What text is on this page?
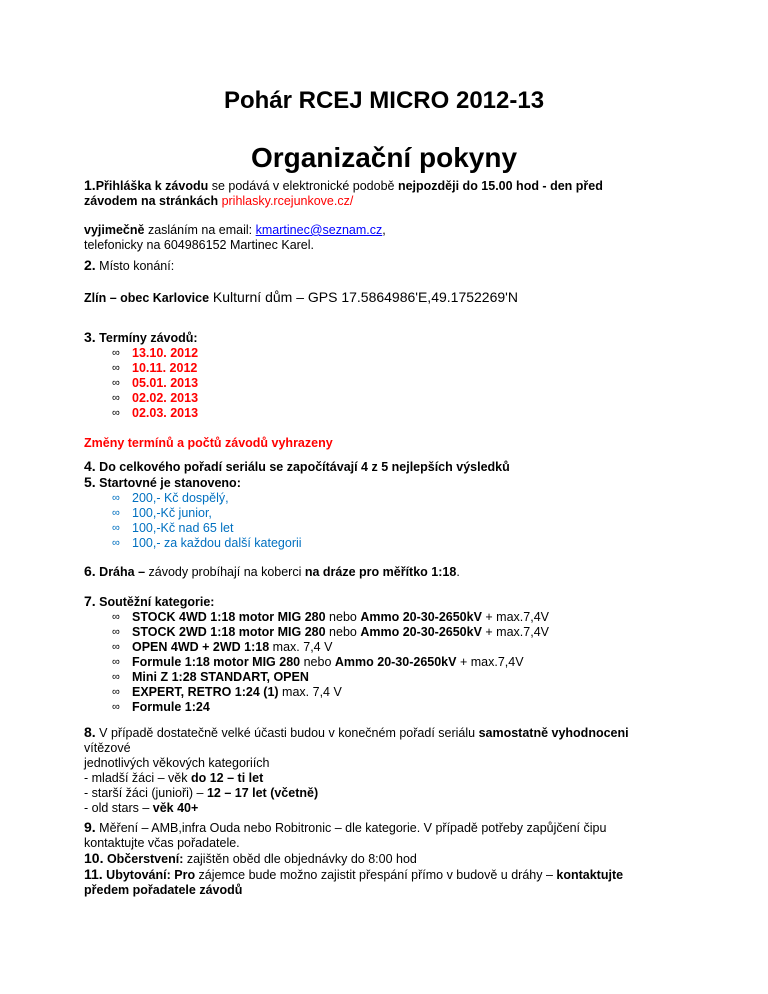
Pohár RCEJ MICRO 2012-13
Organizační pokyny
1.Přihláška k závodu se podává v elektronické podobě nejpozději do 15.00 hod - den před
závodem na stránkách prihlasky.rcejunkove.cz/
vyjimečně zasláním na email: kmartinec@seznam.cz,
telefonicky na 604986152 Martinec Karel.
2. Místo konání:
Zlín – obec Karlovice Kulturní dům – GPS 17.5864986'E,49.1752269'N
3. Termíny závodů:
∞ 13.10. 2012
∞ 10.11. 2012
∞ 05.01. 2013
∞ 02.02. 2013
∞ 02.03. 2013
Změny termínů a počtů závodů vyhrazeny
4. Do celkového pořadí seriálu se započítávají 4 z 5 nejlepších výsledků
5. Startovné je stanoveno:
∞ 200,- Kč dospělý,
∞ 100,-Kč junior,
∞ 100,-Kč nad 65 let
∞ 100,- za každou další kategorii
6. Dráha – závody probíhají na koberci na dráze pro měřítko 1:18.
7. Soutěžní kategorie:
∞ STOCK 4WD 1:18 motor MIG 280 nebo Ammo 20-30-2650kV + max.7,4V
∞ STOCK 2WD 1:18 motor MIG 280 nebo Ammo 20-30-2650kV + max.7,4V
∞ OPEN 4WD + 2WD 1:18 max. 7,4 V
∞ Formule 1:18 motor MIG 280 nebo Ammo 20-30-2650kV + max.7,4V
∞ Mini Z 1:28 STANDART, OPEN
∞ EXPERT, RETRO 1:24 (1) max. 7,4 V
∞ Formule 1:24
8. V případě dostatečně velké účasti budou v konečném pořadí seriálu samostatně vyhodnoceni
vítězové
jednotlivých věkových kategoriích
- mladší žáci – věk do 12 – ti let
- starší žáci (junioři) – 12 – 17 let (včetně)
- old stars – věk 40+
9. Měření – AMB,infra Ouda nebo Robitronic – dle kategorie. V případě potřeby zapůjčení čipu
kontaktujte včas pořadatele.
10. Občerstvení: zajištěn oběd dle objednávky do 8:00 hod
11. Ubytování: Pro zájemce bude možno zajistit přespání přímo v budově u dráhy – kontaktujte
předem pořadatele závodů
